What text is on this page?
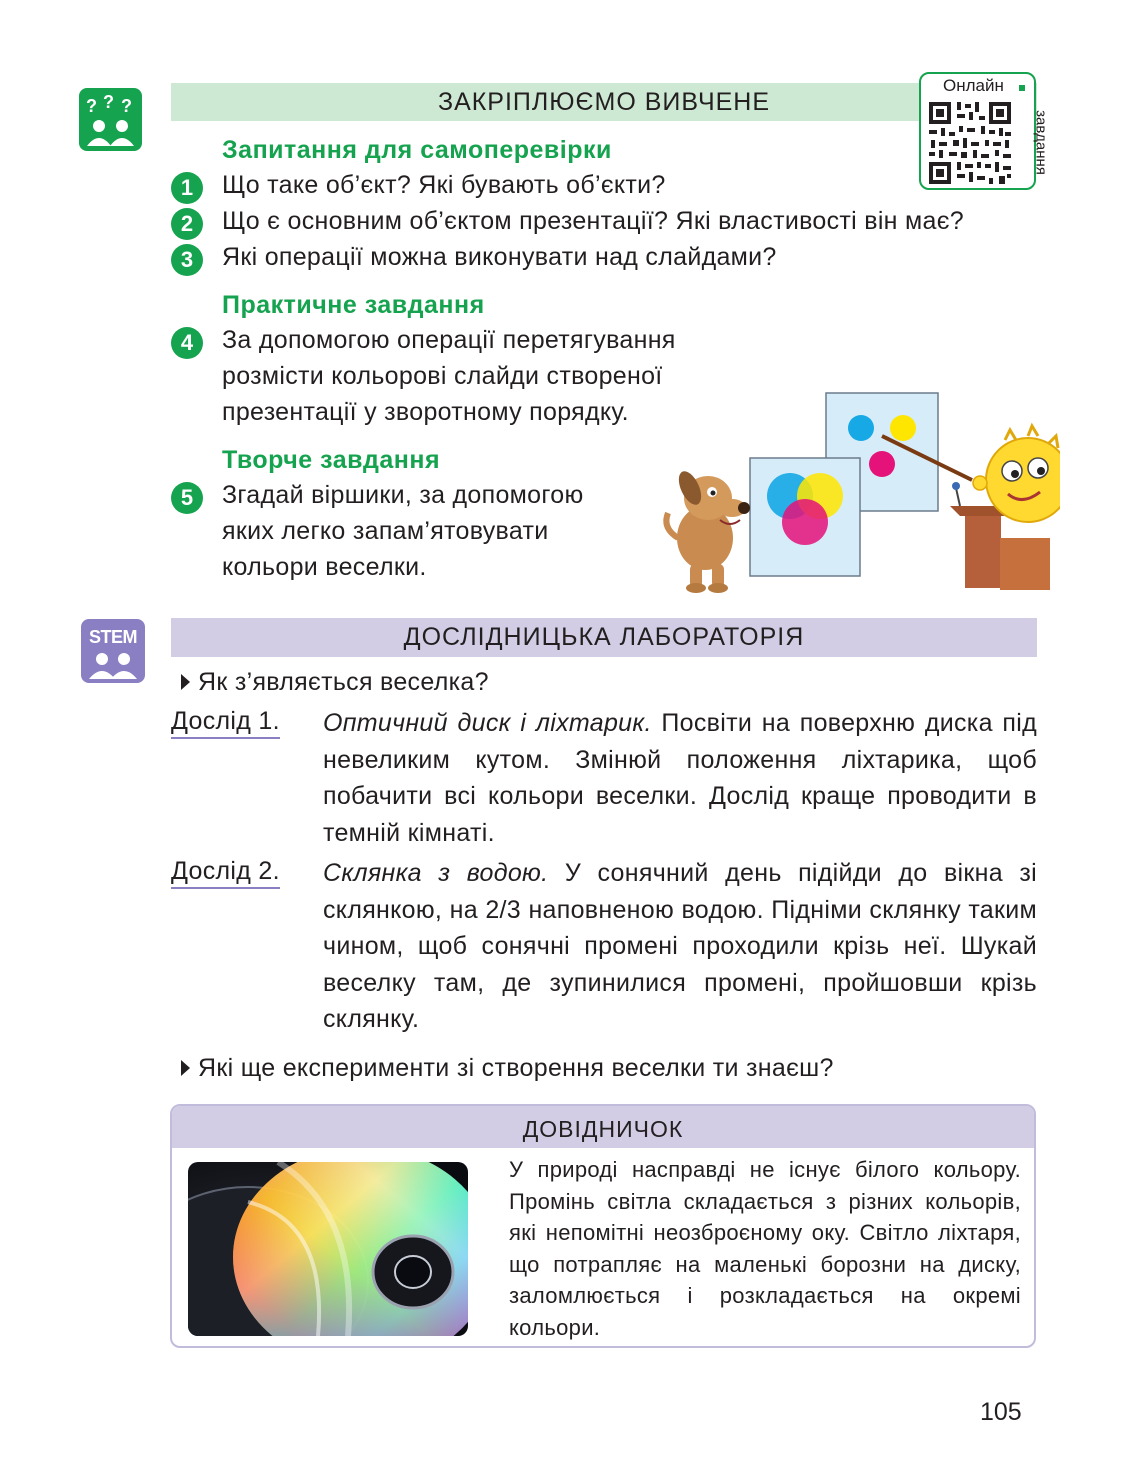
? ? ?	ЗАКРІПЛЮЄМО ВИВЧЕНЕ
Онлайн
завдання
Запитання для самоперевірки
1	Що таке об’єкт? Які бувають об’єкти?
2	Що є основним об’єктом презентації? Які властивості він має?
3	Які операції можна виконувати над слайдами?
Практичне завдання
4	За допомогою операції перетягування
розмісти кольорові слайди створеної
презентації у зворотному порядку.
Творче завдання
5	Згадай віршики, за допомогою
яких легко запам’ятовувати
кольори веселки.
STEM	ДОСЛІДНИЦЬКА ЛАБОРАТОРІЯ
Як з’являється веселка?
Дослід 1. Оптичний диск і ліхтарик. Посвіти на поверхню диска під невеликим кутом. Змінюй положення ліхтарика, щоб побачити всі кольори веселки. Дослід краще проводити в темній кімнаті.
Дослід 2. Склянка з водою. У сонячний день підійди до вікна зі склянкою, на 2/3 наповненою водою. Підніми склянку таким чином, щоб сонячні промені проходили крізь неї. Шукай веселку там, де зупинилися промені, пройшовши крізь склянку.
Які ще експерименти зі створення веселки ти знаєш?
ДОВІДНИЧОК
У природі насправді не існує білого кольору. Промінь світла складається з різних кольорів, які непомітні неозброєному оку. Світло ліхтаря, що потрапляє на маленькі борозни на диску, заломлюється і розкладається на окремі кольори.
105
